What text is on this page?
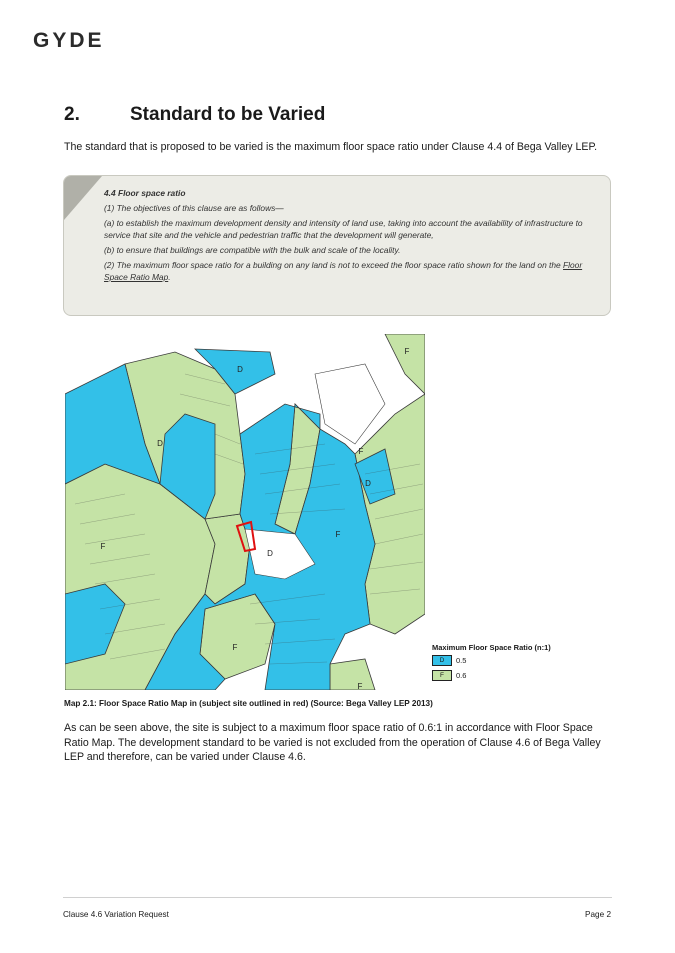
GYDE
2.	Standard to be Varied

The standard that is proposed to be varied is the maximum floor space ratio under Clause 4.4 of Bega Valley LEP.

4.4 Floor space ratio

(1) The objectives of this clause are as follows—

(a) to establish the maximum development density and intensity of land use, taking into account the availability of infrastructure to service that site and the vehicle and pedestrian traffic that the development will generate,

(b) to ensure that buildings are compatible with the bulk and scale of the locality.

(2) The maximum floor space ratio for a building on any land is not to exceed the floor space ratio shown for the land on the Floor Space Ratio Map.

D
D
D
D
F
F
F
F
F
F
Maximum Floor Space Ratio (n:1)
D	0.5
F	0.6
Map 2.1: Floor Space Ratio Map in (subject site outlined in red) (Source: Bega Valley LEP 2013)

As can be seen above, the site is subject to a maximum floor space ratio of 0.6:1 in accordance with Floor Space Ratio Map. The development standard to be varied is not excluded from the operation of Clause 4.6 of Bega Valley LEP and therefore, can be varied under Clause 4.6.

Clause 4.6 Variation Request	Page 2
